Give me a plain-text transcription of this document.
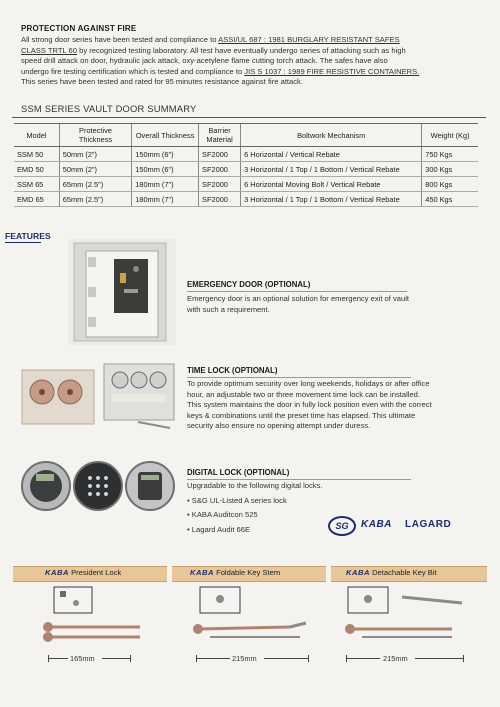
PROTECTION AGAINST FIRE
All strong door series have been tested and compliance to ASSI/UL 687 : 1981 BURGLARY RESISTANT SAFES
CLASS TRTL 60 by recognized testing laboratory. All test have eventually undergo series of attacking such as high
speed drill attack on door, hydraulic jack attack, oxy-acetylene flame cutting torch attack. The safes have also
undergo fire testing certification which is tested and compliance to JIS S 1037 : 1989 FIRE RESISTIVE CONTAINERS.
This series have been tested and rated for 95 minutes resistance against fire attack.
SSM SERIES VAULT DOOR SUMMARY
Model	Protective Thickness	Overall Thickness	Barrier Material	Boltwork Mechanism	Weight (Kg)
SSM 50	50mm (2")	150mm (6")	SF2000	6 Horizontal / Vertical Rebate	750 Kgs
EMD 50	50mm (2")	150mm (6")	SF2000	3 Horizontal / 1 Top / 1 Bottom / Vertical Rebate	300 Kgs
SSM 65	65mm (2.5")	180mm (7")	SF2000	6 Horizontal Moving Bolt / Vertical Rebate	800 Kgs
EMD 65	65mm (2.5")	180mm (7")	SF2000	3 Horizontal / 1 Top / 1 Bottom / Vertical Rebate	450 Kgs
FEATURES
EMERGENCY DOOR (OPTIONAL)
Emergency door is an optional solution for emergency exit of vault
with such a requirement.
TIME LOCK (OPTIONAL)
To provide optimum security over long weekends, holidays or after office
hour, an adjustable two or three movement time lock can be installed.
This system maintains the door in fully lock position even with the correct
keys & combinations until the preset time has elapsed. This ultimate
security also ensure no opening attempt under duress.
DIGITAL LOCK (OPTIONAL)
Upgradable to the following digital locks.
• S&G UL-Listed A series lock
• KABA Auditcon 525
• Lagard Audit 66E	SG	KABA LAGARD
KABA President Lock	KABA Foldable Key Stem	KABA Detachable Key Bit
165mm	215mm	215mm
